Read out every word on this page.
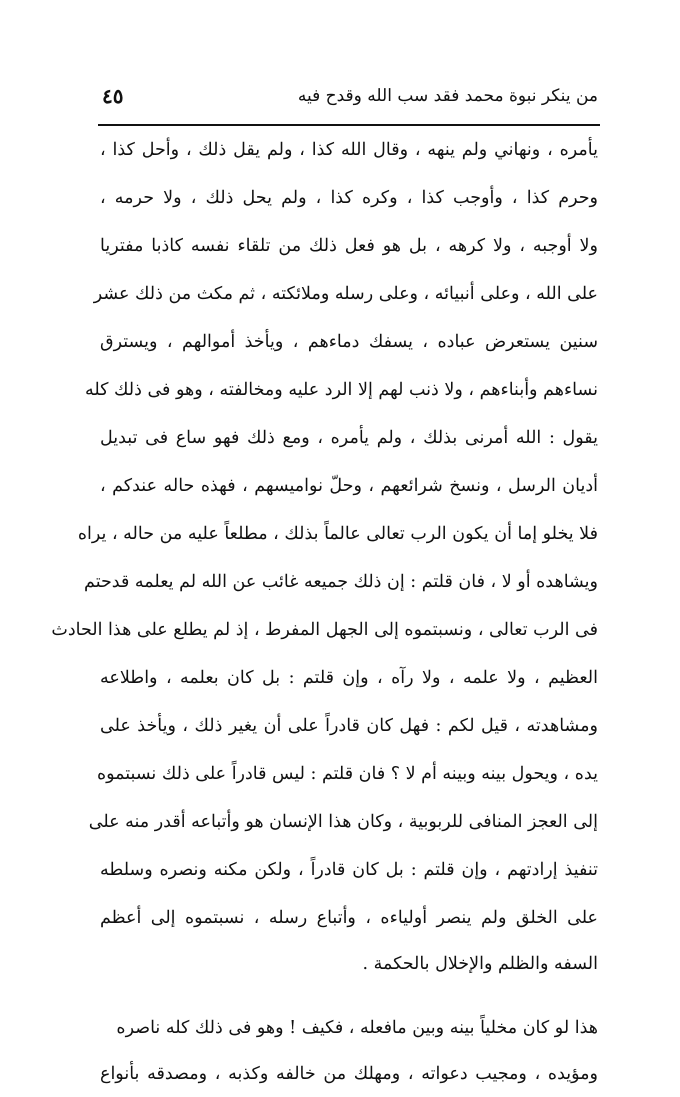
من ينكر نبوة محمد فقد سب الله وقدح فيه
٤٥
يأمره ، ونهاني ولم ينهه ، وقال الله كذا ، ولم يقل ذلك ، وأحل كذا ،
وحرم كذا ، وأوجب كذا ، وكره كذا ، ولم يحل ذلك ، ولا حرمه ،
ولا أوجبه ، ولا كرهه ، بل هو فعل ذلك من تلقاء نفسه كاذبا مفتريا
على الله ، وعلى أنبيائه ، وعلى رسله وملائكته ، ثم مكث من ذلك عشر
سنين يستعرض عباده ، يسفك دماءهم ، ويأخذ أموالهم ، ويسترق
نساءهم وأبناءهم ، ولا ذنب لهم إلا الرد عليه ومخالفته ، وهو فى ذلك كله
يقول : الله أمرنى بذلك ، ولم يأمره ، ومع ذلك فهو ساع فى تبديل
أديان الرسل ، ونسخ شرائعهم ، وحلّ نواميسهم ، فهذه حاله عندكم ،
فلا يخلو إما أن يكون الرب تعالى عالماً بذلك ، مطلعاً عليه من حاله ، يراه
ويشاهده أو لا ، فان قلتم : إن ذلك جميعه غائب عن الله لم يعلمه قدحتم
فى الرب تعالى ، ونسبتموه إلى الجهل المفرط ، إذ لم يطلع على هذا الحادث
العظيم ، ولا علمه ، ولا رآه ، وإن قلتم : بل كان بعلمه ، واطلاعه
ومشاهدته ، قيل لكم : فهل كان قادراً على أن يغير ذلك ، ويأخذ على
يده ، ويحول بينه وبينه أم لا ؟ فان قلتم : ليس قادراً على ذلك نسبتموه
إلى العجز المنافى للربوبية ، وكان هذا الإنسان هو وأتباعه أقدر منه على
تنفيذ إرادتهم ، وإن قلتم : بل كان قادراً ، ولكن مكنه ونصره وسلطه
على الخلق ولم ينصر أولياءه ، وأتباع رسله ، نسبتموه إلى أعظم
السفه والظلم والإخلال بالحكمة .
هذا لو كان مخلياً بينه وبين مافعله ، فكيف ! وهو فى ذلك كله ناصره
ومؤيده ، ومجيب دعواته ، ومهلك من خالفه وكذبه ، ومصدقه بأنواع
